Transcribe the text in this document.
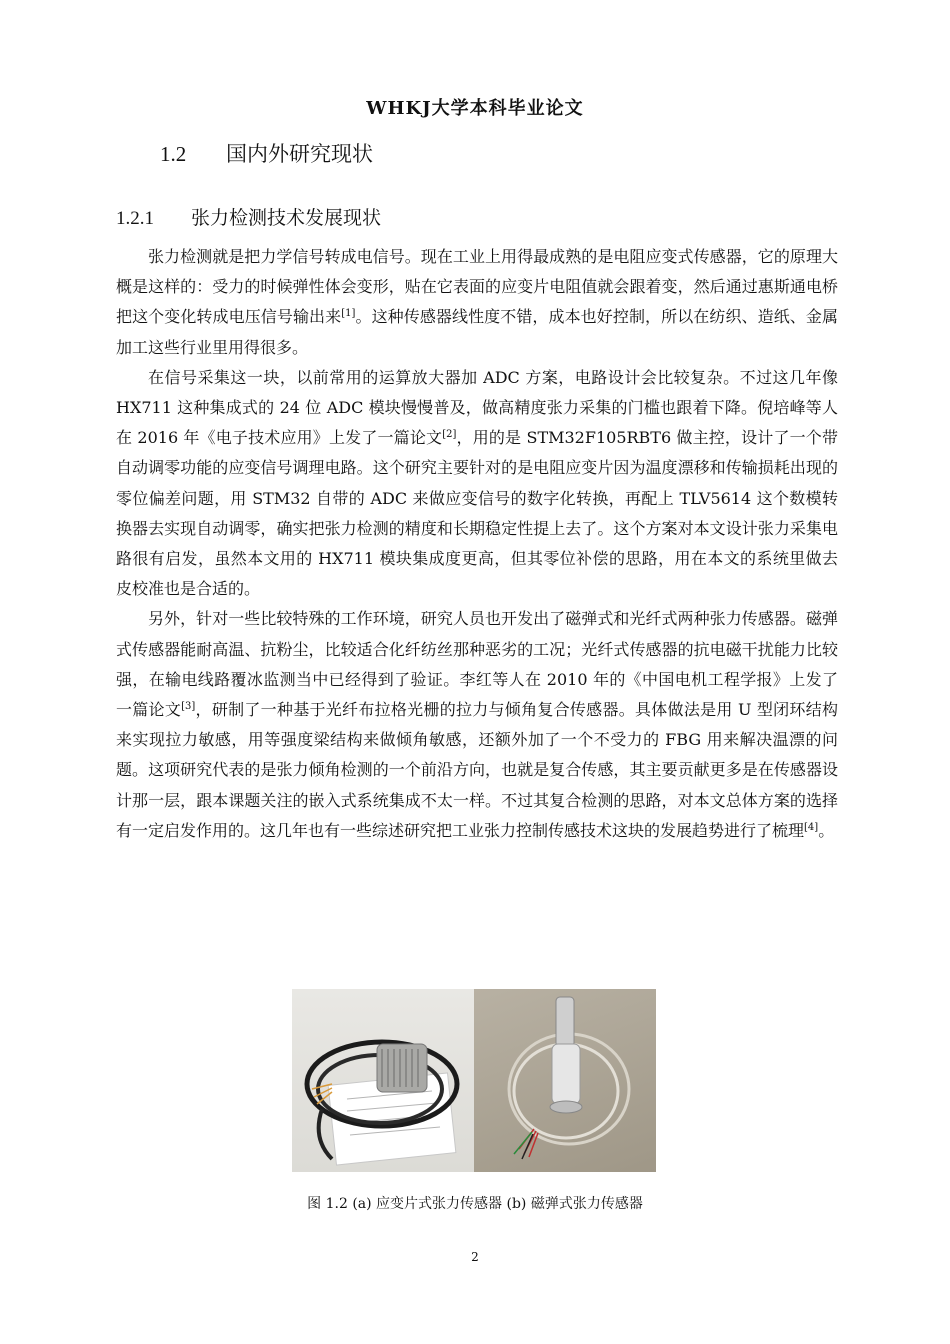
WHKJ大学本科毕业论文
1.2 国内外研究现状
1.2.1 张力检测技术发展现状

张力检测就是把力学信号转成电信号。现在工业上用得最成熟的是电阻应变式传感器，它的原理大概是这样的：受力的时候弹性体会变形，贴在它表面的应变片电阻值就会跟着变，然后通过惠斯通电桥把这个变化转成电压信号输出来[1]。这种传感器线性度不错，成本也好控制，所以在纺织、造纸、金属加工这些行业里用得很多。

在信号采集这一块，以前常用的运算放大器加 ADC 方案，电路设计会比较复杂。不过这几年像 HX711 这种集成式的 24 位 ADC 模块慢慢普及，做高精度张力采集的门槛也跟着下降。倪培峰等人在 2016 年《电子技术应用》上发了一篇论文[2]，用的是 STM32F105RBT6 做主控，设计了一个带自动调零功能的应变信号调理电路。这个研究主要针对的是电阻应变片因为温度漂移和传输损耗出现的零位偏差问题，用 STM32 自带的 ADC 来做应变信号的数字化转换，再配上 TLV5614 这个数模转换器去实现自动调零，确实把张力检测的精度和长期稳定性提上去了。这个方案对本文设计张力采集电路很有启发，虽然本文用的 HX711 模块集成度更高，但其零位补偿的思路，用在本文的系统里做去皮校准也是合适的。

另外，针对一些比较特殊的工作环境，研究人员也开发出了磁弹式和光纤式两种张力传感器。磁弹式传感器能耐高温、抗粉尘，比较适合化纤纺丝那种恶劣的工况；光纤式传感器的抗电磁干扰能力比较强，在输电线路覆冰监测当中已经得到了验证。李红等人在 2010 年的《中国电机工程学报》上发了一篇论文[3]，研制了一种基于光纤布拉格光栅的拉力与倾角复合传感器。具体做法是用 U 型闭环结构来实现拉力敏感，用等强度梁结构来做倾角敏感，还额外加了一个不受力的 FBG 用来解决温漂的问题。这项研究代表的是张力倾角检测的一个前沿方向，也就是复合传感，其主要贡献更多是在传感器设计那一层，跟本课题关注的嵌入式系统集成不太一样。不过其复合检测的思路，对本文总体方案的选择有一定启发作用的。这几年也有一些综述研究把工业张力控制传感技术这块的发展趋势进行了梳理[4]。

图 1.2 (a) 应变片式张力传感器 (b) 磁弹式张力传感器
2
